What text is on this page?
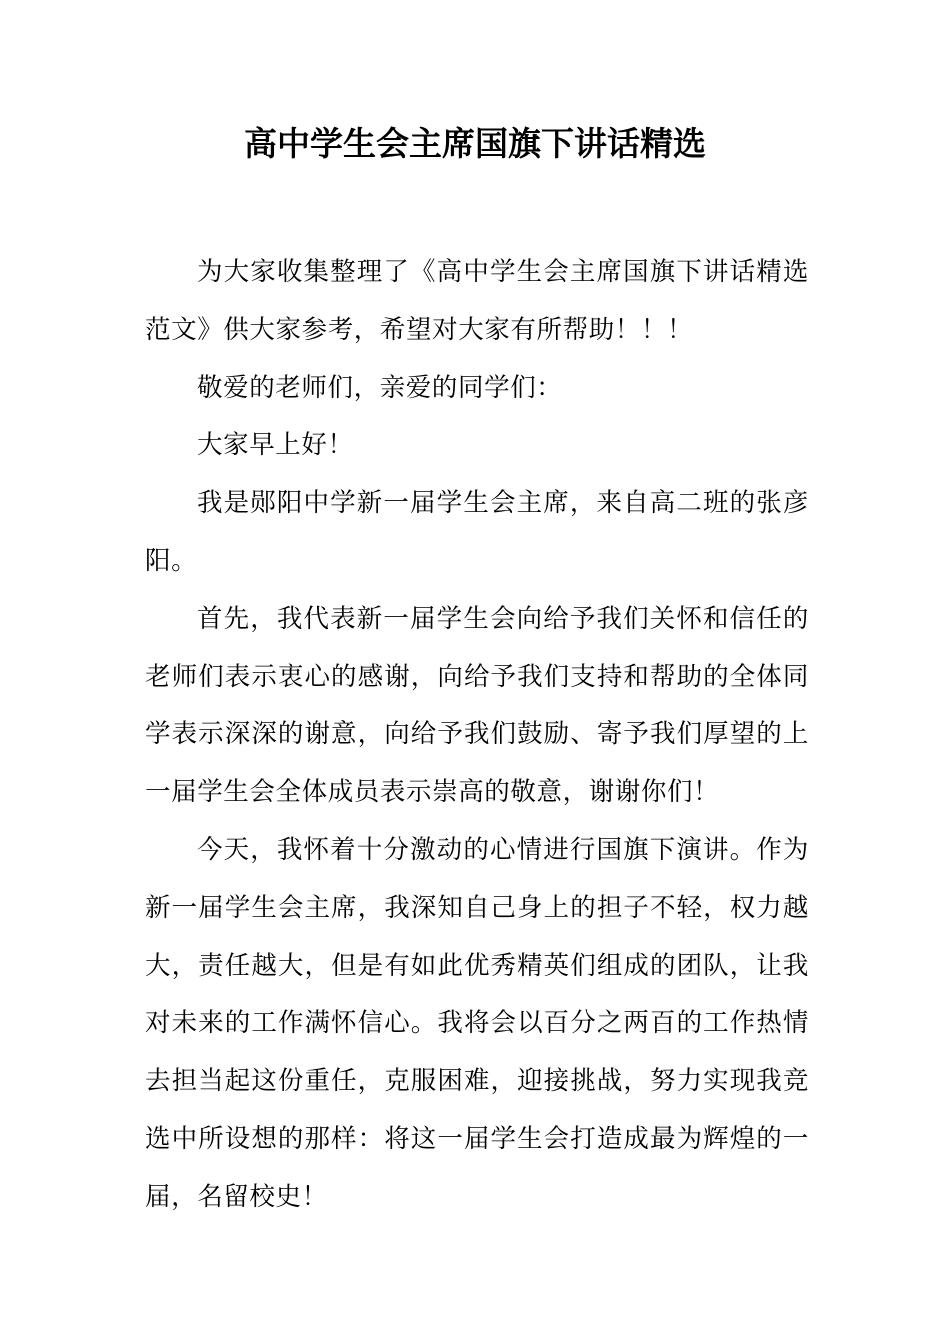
高中学生会主席国旗下讲话精选

为大家收集整理了《高中学生会主席国旗下讲话精选范文》供大家参考，希望对大家有所帮助！！！

敬爱的老师们，亲爱的同学们：

大家早上好！

我是郧阳中学新一届学生会主席，来自高二班的张彦阳。

首先，我代表新一届学生会向给予我们关怀和信任的老师们表示衷心的感谢，向给予我们支持和帮助的全体同学表示深深的谢意，向给予我们鼓励、寄予我们厚望的上一届学生会全体成员表示崇高的敬意，谢谢你们！

今天，我怀着十分激动的心情进行国旗下演讲。作为新一届学生会主席，我深知自己身上的担子不轻，权力越大，责任越大，但是有如此优秀精英们组成的团队，让我对未来的工作满怀信心。我将会以百分之两百的工作热情去担当起这份重任，克服困难，迎接挑战，努力实现我竞选中所设想的那样：将这一届学生会打造成最为辉煌的一届，名留校史！
